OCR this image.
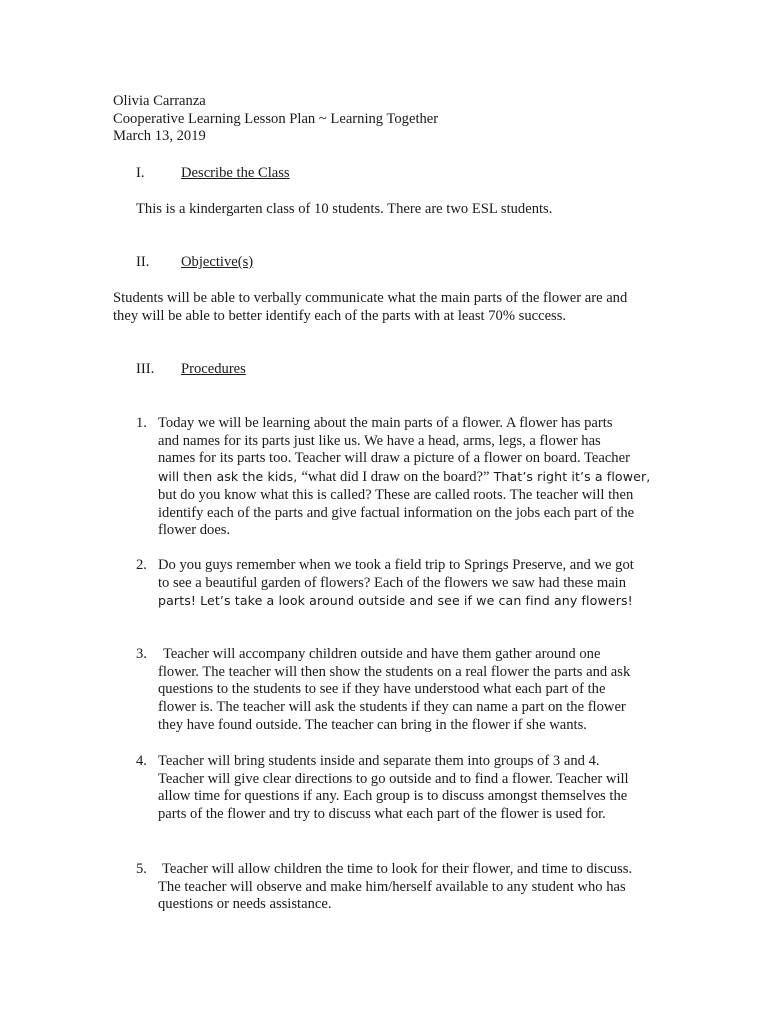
Olivia Carranza
Cooperative Learning Lesson Plan ~ Learning Together
March 13, 2019
I. Describe the Class
This is a kindergarten class of 10 students. There are two ESL students.
II. Objective(s)
Students will be able to verbally communicate what the main parts of the flower are and
they will be able to better identify each of the parts with at least 70% success.
III. Procedures
1. Today we will be learning about the main parts of a flower. A flower has parts
and names for its parts just like us. We have a head, arms, legs, a flower has
names for its parts too. Teacher will draw a picture of a flower on board. Teacher
will then ask the kids, “what did I draw on the board?” That’s right it’s a flower,
but do you know what this is called? These are called roots. The teacher will then
identify each of the parts and give factual information on the jobs each part of the
flower does.
2. Do you guys remember when we took a field trip to Springs Preserve, and we got
to see a beautiful garden of flowers? Each of the flowers we saw had these main
parts! Let’s take a look around outside and see if we can find any flowers!
3.	Teacher will accompany children outside and have them gather around one
flower. The teacher will then show the students on a real flower the parts and ask
questions to the students to see if they have understood what each part of the
flower is. The teacher will ask the students if they can name a part on the flower
they have found outside. The teacher can bring in the flower if she wants.
4. Teacher will bring students inside and separate them into groups of 3 and 4.
Teacher will give clear directions to go outside and to find a flower. Teacher will
allow time for questions if any. Each group is to discuss amongst themselves the
parts of the flower and try to discuss what each part of the flower is used for.
5. Teacher will allow children the time to look for their flower, and time to discuss.
The teacher will observe and make him/herself available to any student who has
questions or needs assistance.
